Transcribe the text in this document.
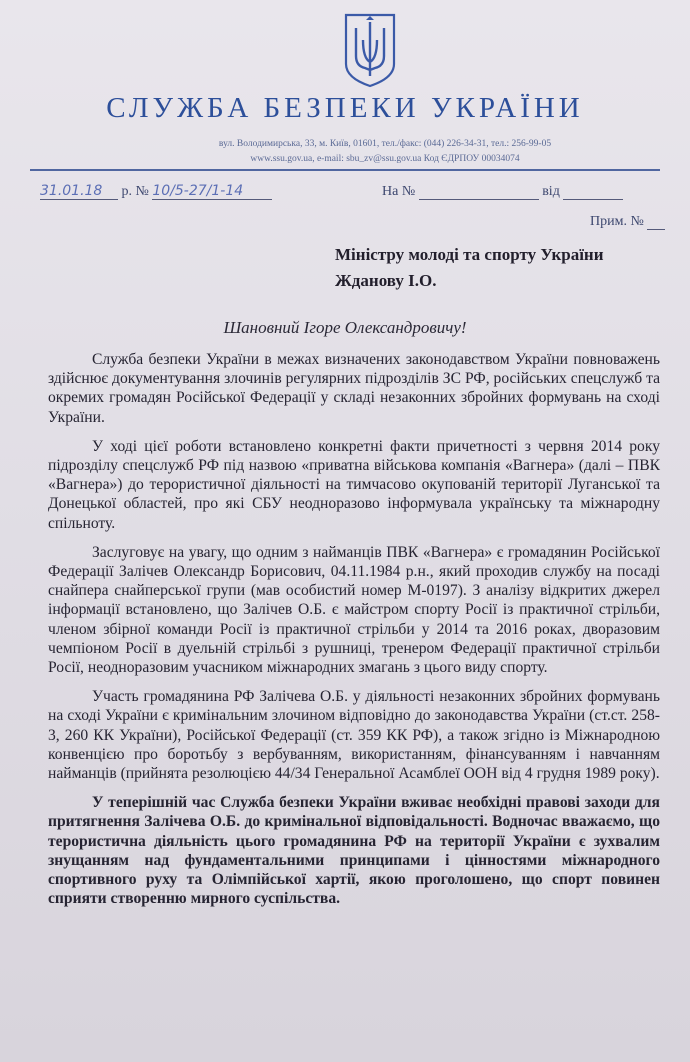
СЛУЖБА БЕЗПЕКИ УКРАЇНИ
вул. Володимирська, 33, м. Київ, 01601, тел./факс: (044) 226-34-31, тел.: 256-99-05
www.ssu.gov.ua, e-mail: sbu_zv@ssu.gov.ua Код ЄДРПОУ 00034074
31.01.18 р. № 10/5-27/1-14	На №	від
Прим. №
Міністру молоді та спорту України
Жданову І.О.
Шановний Ігоре Олександровичу!

Служба безпеки України в межах визначених законодавством України повноважень здійснює документування злочинів регулярних підрозділів ЗС РФ, російських спецслужб та окремих громадян Російської Федерації у складі незаконних збройних формувань на сході України.

У ході цієї роботи встановлено конкретні факти причетності з червня 2014 року підрозділу спецслужб РФ під назвою «приватна військова компанія «Вагнера» (далі – ПВК «Вагнера») до терористичної діяльності на тимчасово окупованій території Луганської та Донецької областей, про які СБУ неодноразово інформувала українську та міжнародну спільноту.

Заслуговує на увагу, що одним з найманців ПВК «Вагнера» є громадянин Російської Федерації Залічев Олександр Борисович, 04.11.1984 р.н., який проходив службу на посаді снайпера снайперської групи (мав особистий номер М-0197). З аналізу відкритих джерел інформації встановлено, що Залічев О.Б. є майстром спорту Росії із практичної стрільби, членом збірної команди Росії із практичної стрільби у 2014 та 2016 роках, дворазовим чемпіоном Росії в дуельній стрільбі з рушниці, тренером Федерації практичної стрільби Росії, неодноразовим учасником міжнародних змагань з цього виду спорту.

Участь громадянина РФ Залічева О.Б. у діяльності незаконних збройних формувань на сході України є кримінальним злочином відповідно до законодавства України (ст.ст. 258-3, 260 КК України), Російської Федерації (ст. 359 КК РФ), а також згідно із Міжнародною конвенцією про боротьбу з вербуванням, використанням, фінансуванням і навчанням найманців (прийнята резолюцією 44/34 Генеральної Асамблеї ООН від 4 грудня 1989 року).

У теперішній час Служба безпеки України вживає необхідні правові заходи для притягнення Залічева О.Б. до кримінальної відповідальності. Водночас вважаємо, що терористична діяльність цього громадянина РФ на території України є зухвалим знущанням над фундаментальними принципами і цінностями міжнародного спортивного руху та Олімпійської хартії, якою проголошено, що спорт повинен сприяти створенню мирного суспільства.
